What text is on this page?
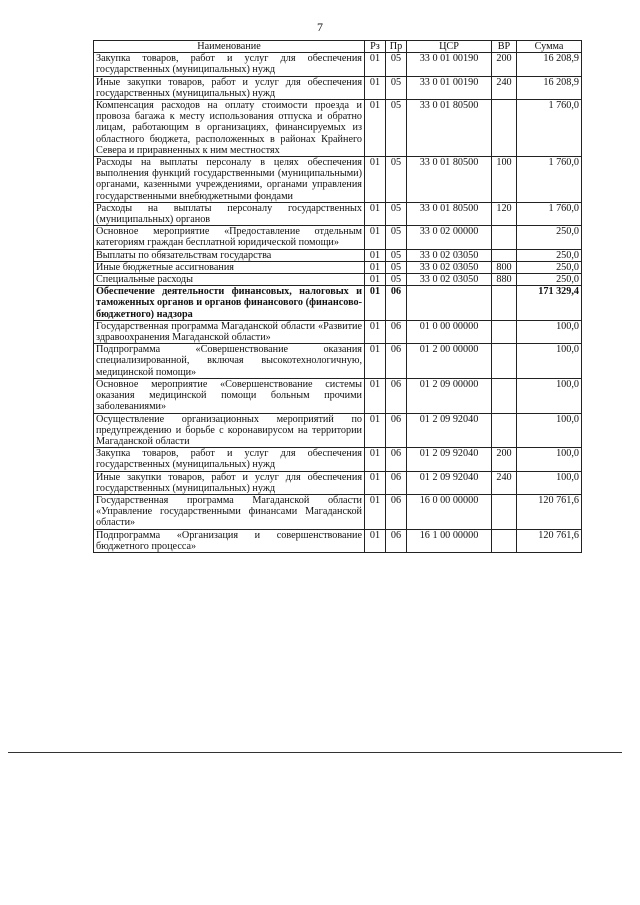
7
Наименование	Рз	Пр	ЦСР	ВР	Сумма
Закупка товаров, работ и услуг для обеспечения государственных (муниципальных) нужд	01	05	33 0 01 00190	200	16 208,9
Иные закупки товаров, работ и услуг для обеспечения государственных (муниципальных) нужд	01	05	33 0 01 00190	240	16 208,9
Компенсация расходов на оплату стоимости проезда и провоза багажа к месту использования отпуска и обратно лицам, работающим в организациях, финансируемых из областного бюджета, расположенных в районах Крайнего Севера и приравненных к ним местностях	01	05	33 0 01 80500		1 760,0
Расходы на выплаты персоналу в целях обеспечения выполнения функций государственными (муниципальными) органами, казенными учреждениями, органами управления государственными внебюджетными фондами	01	05	33 0 01 80500	100	1 760,0
Расходы на выплаты персоналу государственных (муниципальных) органов	01	05	33 0 01 80500	120	1 760,0
Основное мероприятие «Предоставление отдельным категориям граждан бесплатной юридической помощи»	01	05	33 0 02 00000		250,0
Выплаты по обязательствам государства	01	05	33 0 02 03050		250,0
Иные бюджетные ассигнования	01	05	33 0 02 03050	800	250,0
Специальные расходы	01	05	33 0 02 03050	880	250,0
Обеспечение деятельности финансовых, налоговых и таможенных органов и органов финансового (финансово-бюджетного) надзора	01	06			171 329,4
Государственная программа Магаданской области «Развитие здравоохранения Магаданской области»	01	06	01 0 00 00000		100,0
Подпрограмма «Совершенствование оказания специализированной, включая высокотехнологичную, медицинской помощи»	01	06	01 2 00 00000		100,0
Основное мероприятие «Совершенствование системы оказания медицинской помощи больным прочими заболеваниями»	01	06	01 2 09 00000		100,0
Осуществление организационных мероприятий по предупреждению и борьбе с коронавирусом на территории Магаданской области	01	06	01 2 09 92040		100,0
Закупка товаров, работ и услуг для обеспечения государственных (муниципальных) нужд	01	06	01 2 09 92040	200	100,0
Иные закупки товаров, работ и услуг для обеспечения государственных (муниципальных) нужд	01	06	01 2 09 92040	240	100,0
Государственная программа Магаданской области «Управление государственными финансами Магаданской области»	01	06	16 0 00 00000		120 761,6
Подпрограмма «Организация и совершенствование бюджетного процесса»	01	06	16 1 00 00000		120 761,6
